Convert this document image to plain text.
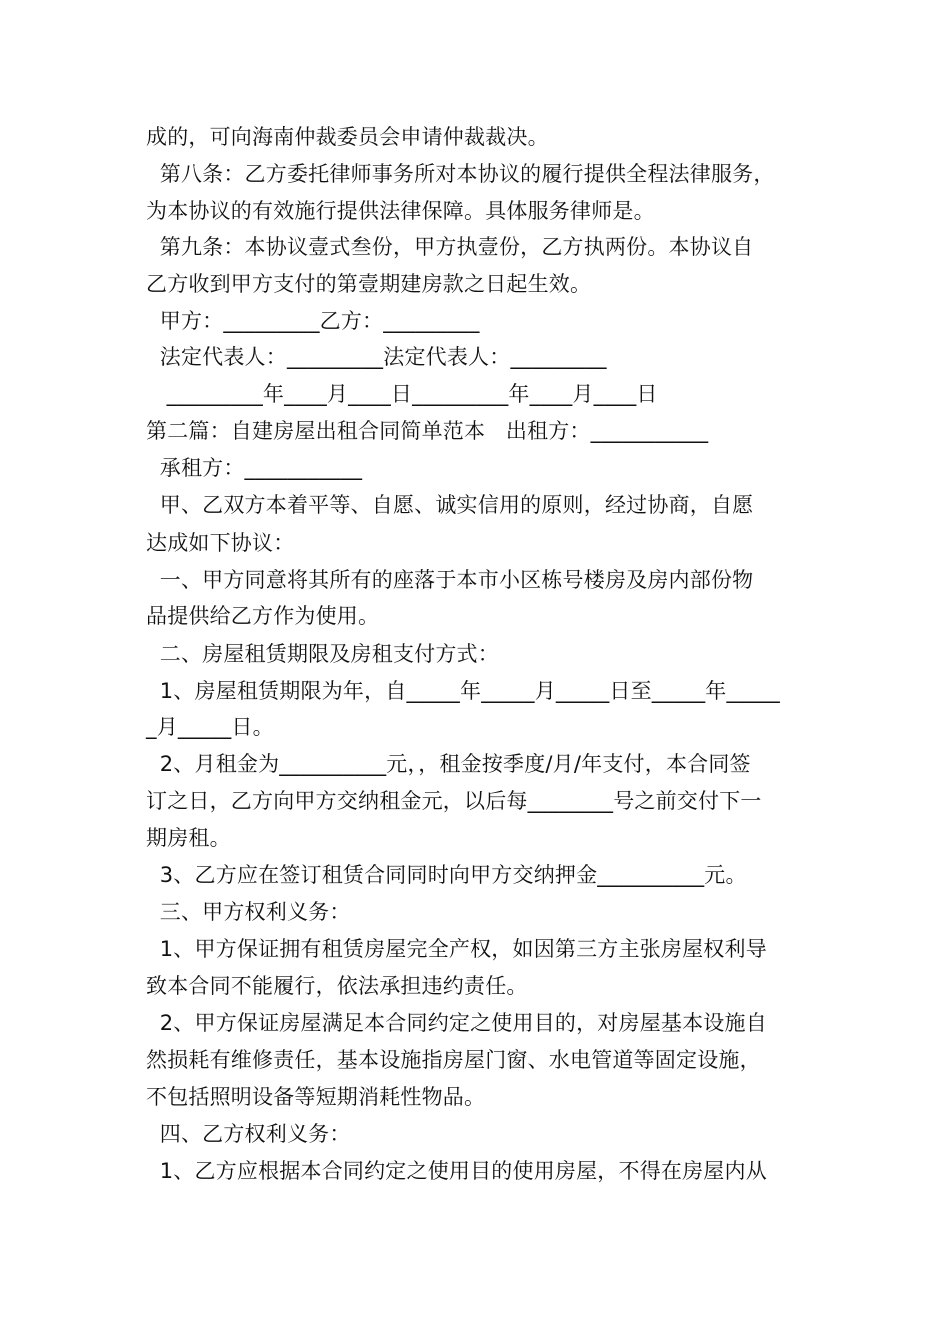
成的，可向海南仲裁委员会申请仲裁裁决。
第八条：乙方委托律师事务所对本协议的履行提供全程法律服务，
为本协议的有效施行提供法律保障。具体服务律师是。
第九条：本协议壹式叁份，甲方执壹份，乙方执两份。本协议自
乙方收到甲方支付的第壹期建房款之日起生效。
甲方：_________乙方：_________
法定代表人：_________法定代表人：_________
_________年____月____日_________年____月____日
第二篇：自建房屋出租合同简单范本   出租方：___________
承租方：___________
甲、乙双方本着平等、自愿、诚实信用的原则，经过协商，自愿
达成如下协议：
一、甲方同意将其所有的座落于本市小区栋号楼房及房内部份物
品提供给乙方作为使用。
二、房屋租赁期限及房租支付方式：
1、房屋租赁期限为年，自_____年_____月_____日至_____年_____
_月_____日。
2、月租金为__________元，，租金按季度/月/年支付，本合同签
订之日，乙方向甲方交纳租金元，以后每________号之前交付下一
期房租。
3、乙方应在签订租赁合同同时向甲方交纳押金__________元。
三、甲方权利义务：
1、甲方保证拥有租赁房屋完全产权，如因第三方主张房屋权利导
致本合同不能履行，依法承担违约责任。
2、甲方保证房屋满足本合同约定之使用目的，对房屋基本设施自
然损耗有维修责任，基本设施指房屋门窗、水电管道等固定设施，
不包括照明设备等短期消耗性物品。
四、乙方权利义务：
1、乙方应根据本合同约定之使用目的使用房屋，不得在房屋内从
